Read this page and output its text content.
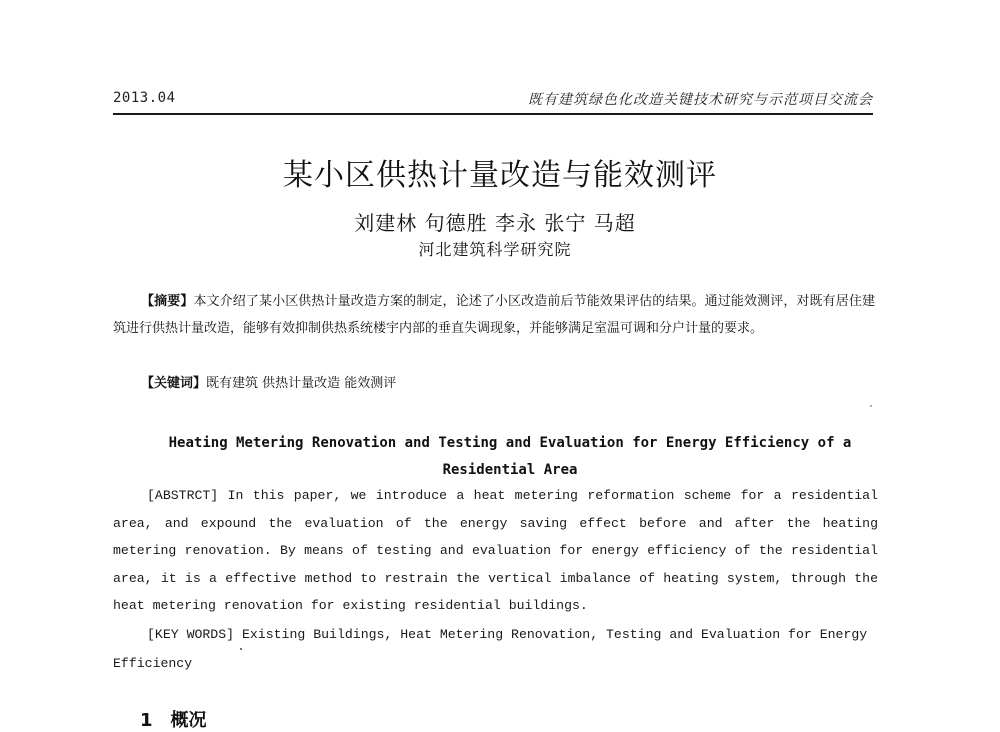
2013.04	既有建筑绿色化改造关键技术研究与示范项目交流会
某小区供热计量改造与能效测评
刘建林 句德胜 李永 张宁 马超
河北建筑科学研究院
【摘要】本文介绍了某小区供热计量改造方案的制定，论述了小区改造前后节能效果评估的结果。通过能效测评，对既有居住建筑进行供热计量改造，能够有效抑制供热系统楼宇内部的垂直失调现象，并能够满足室温可调和分户计量的要求。
【关键词】既有建筑 供热计量改造 能效测评
Heating Metering Renovation and Testing and Evaluation for Energy Efficiency of a Residential Area
[ABSTRCT] In this paper, we introduce a heat metering reformation scheme for a residential area, and expound the evaluation of the energy saving effect before and after the heating metering renovation. By means of testing and evaluation for energy efficiency of the residential area, it is a effective method to restrain the vertical imbalance of heating system, through the heat metering renovation for existing residential buildings.
[KEY WORDS] Existing Buildings, Heat Metering Renovation, Testing and Evaluation for Energy Efficiency
1 概况
